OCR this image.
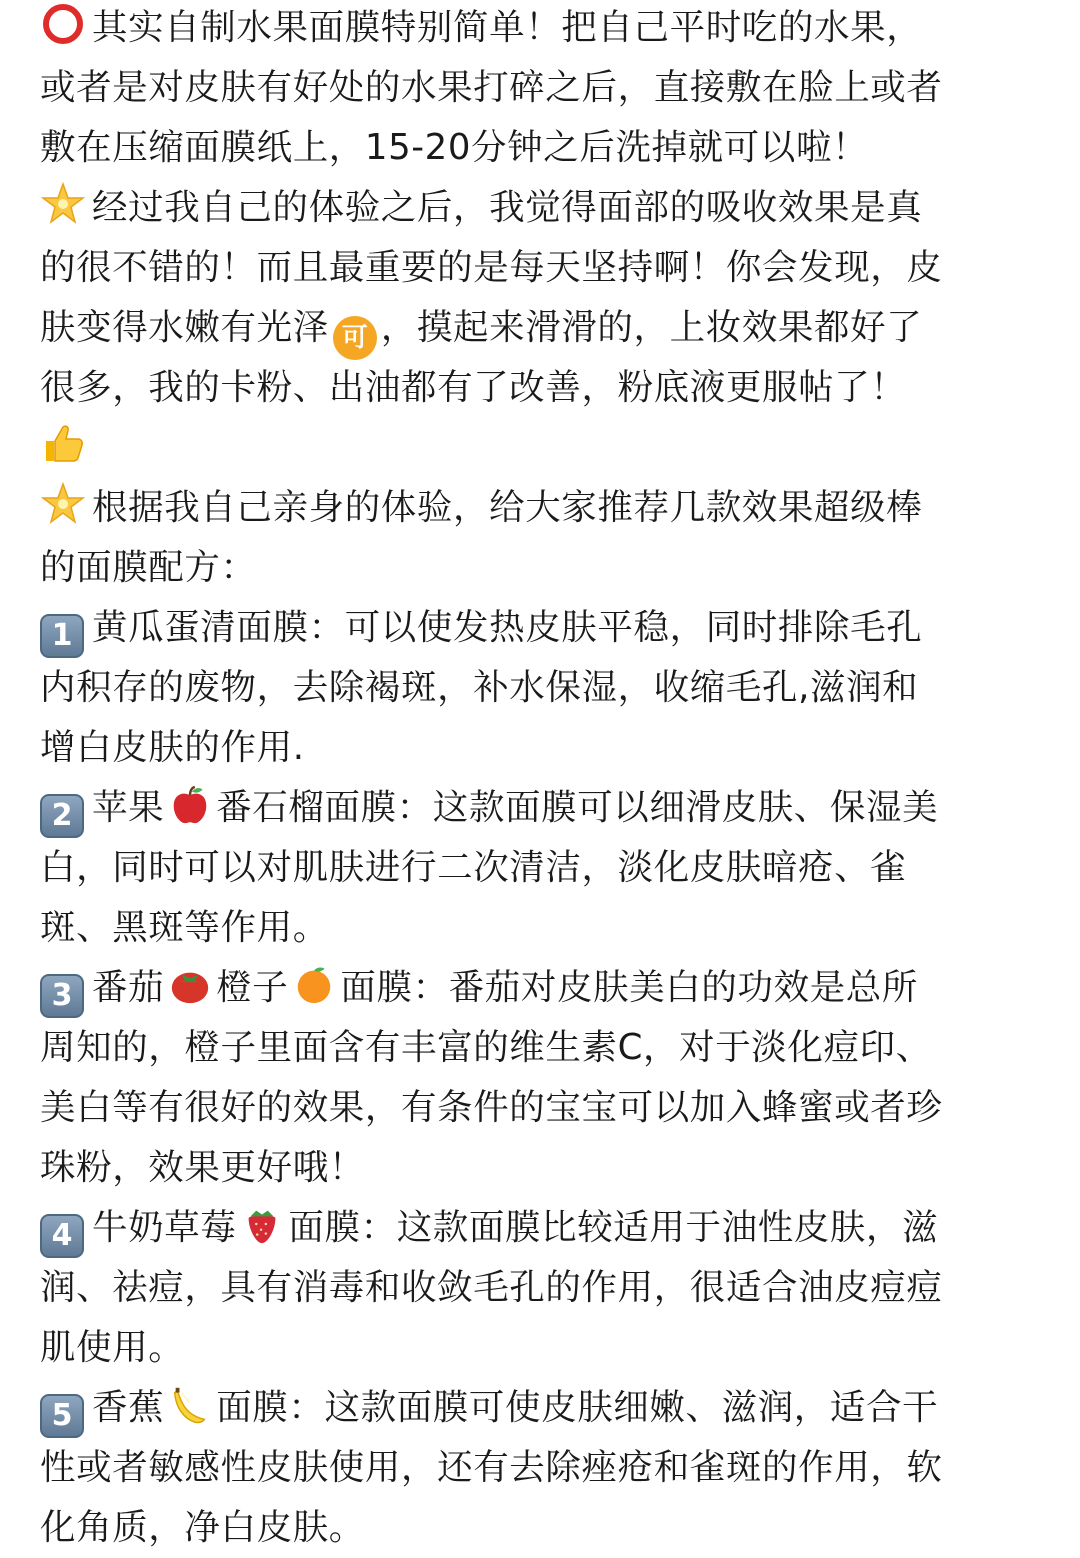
其实自制水果面膜特别简单！把自己平时吃的水果，
或者是对皮肤有好处的水果打碎之后，直接敷在脸上或者
敷在压缩面膜纸上，15-20分钟之后洗掉就可以啦！
经过我自己的体验之后，我觉得面部的吸收效果是真
的很不错的！而且最重要的是每天坚持啊！你会发现，皮
肤变得水嫩有光泽 可 ，摸起来滑滑的，上妆效果都好了
很多，我的卡粉、出油都有了改善，粉底液更服帖了！
根据我自己亲身的体验，给大家推荐几款效果超级棒
的面膜配方：
1 黄瓜蛋清面膜：可以使发热皮肤平稳，同时排除毛孔
内积存的废物，去除褐斑，补水保湿，收缩毛孔,滋润和
增白皮肤的作用.
2 苹果 番石榴面膜：这款面膜可以细滑皮肤、保湿美
白，同时可以对肌肤进行二次清洁，淡化皮肤暗疮、雀
斑、黑斑等作用。
3 番茄 橙子 面膜：番茄对皮肤美白的功效是总所
周知的，橙子里面含有丰富的维生素C，对于淡化痘印、
美白等有很好的效果，有条件的宝宝可以加入蜂蜜或者珍
珠粉，效果更好哦！
4 牛奶草莓 面膜：这款面膜比较适用于油性皮肤，滋
润、祛痘，具有消毒和收敛毛孔的作用，很适合油皮痘痘
肌使用。
5 香蕉 面膜：这款面膜可使皮肤细嫩、滋润，适合干
性或者敏感性皮肤使用，还有去除痤疮和雀斑的作用，软
化角质，净白皮肤。
